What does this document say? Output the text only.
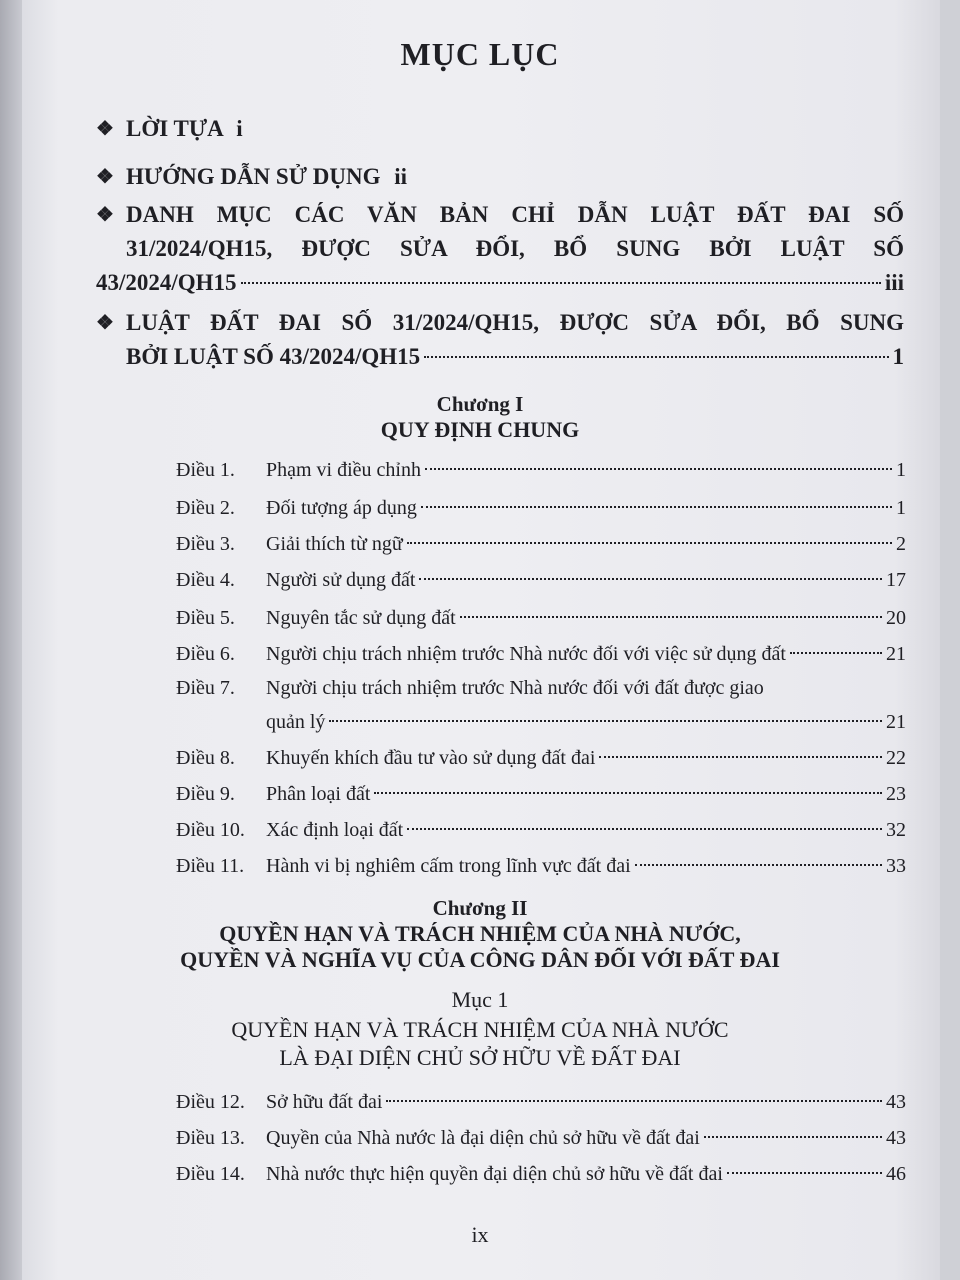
MỤC LỤC
❖ LỜI TỰA i
❖ HƯỚNG DẪN SỬ DỤNG ii
❖ DANH MỤC CÁC VĂN BẢN CHỈ DẪN LUẬT ĐẤT ĐAI SỐ
31/2024/QH15, ĐƯỢC SỬA ĐỔI, BỔ SUNG BỞI LUẬT SỐ
43/2024/QH15	iii
❖ LUẬT ĐẤT ĐAI SỐ 31/2024/QH15, ĐƯỢC SỬA ĐỔI, BỔ SUNG
BỞI LUẬT SỐ 43/2024/QH15	1
Chương I
QUY ĐỊNH CHUNG
Điều 1. Phạm vi điều chỉnh	1
Điều 2. Đối tượng áp dụng	1
Điều 3. Giải thích từ ngữ	2
Điều 4. Người sử dụng đất	17
Điều 5. Nguyên tắc sử dụng đất	20
Điều 6. Người chịu trách nhiệm trước Nhà nước đối với việc sử dụng đất	21
Điều 7. Người chịu trách nhiệm trước Nhà nước đối với đất được giao
quản lý	21
Điều 8. Khuyến khích đầu tư vào sử dụng đất đai	22
Điều 9. Phân loại đất	23
Điều 10. Xác định loại đất	32
Điều 11. Hành vi bị nghiêm cấm trong lĩnh vực đất đai	33
Chương II
QUYỀN HẠN VÀ TRÁCH NHIỆM CỦA NHÀ NƯỚC,
QUYỀN VÀ NGHĨA VỤ CỦA CÔNG DÂN ĐỐI VỚI ĐẤT ĐAI
Mục 1
QUYỀN HẠN VÀ TRÁCH NHIỆM CỦA NHÀ NƯỚC
LÀ ĐẠI DIỆN CHỦ SỞ HỮU VỀ ĐẤT ĐAI
Điều 12. Sở hữu đất đai	43
Điều 13. Quyền của Nhà nước là đại diện chủ sở hữu về đất đai	43
Điều 14. Nhà nước thực hiện quyền đại diện chủ sở hữu về đất đai	46
ix
